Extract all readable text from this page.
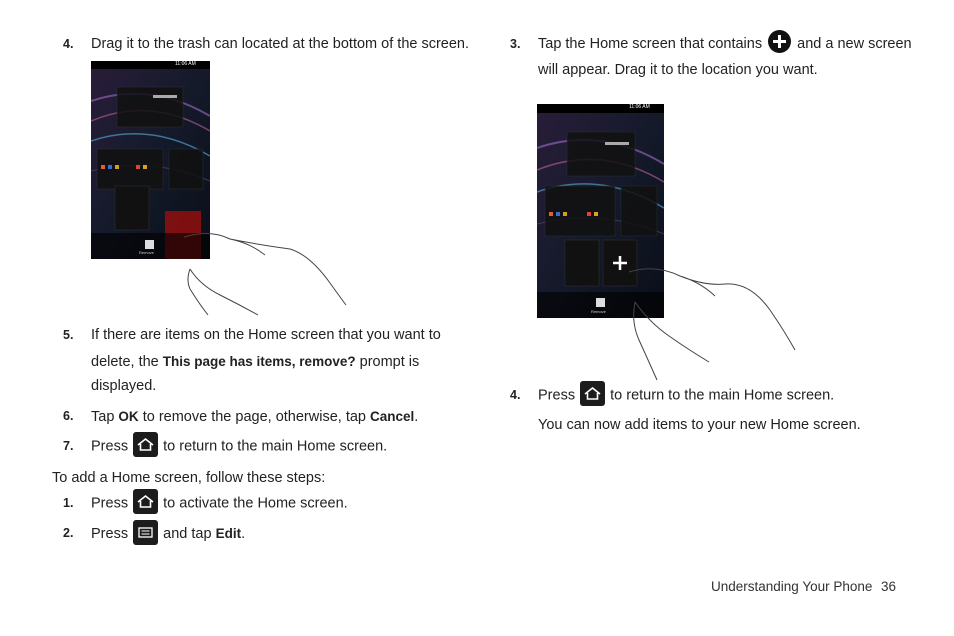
4. Drag it to the trash can located at the bottom of the screen.
11:06 AM
Remove
5. If there are items on the Home screen that you want to
delete, the This page has items, remove? prompt is
displayed.
6. Tap OK to remove the page, otherwise, tap Cancel.
7. Press to return to the main Home screen.
To add a Home screen, follow these steps:
1. Press to activate the Home screen.
2. Press and tap Edit.
3. Tap the Home screen that contains and a new screen
will appear. Drag it to the location you want.
11:06 AM
Remove
4. Press to return to the main Home screen.
You can now add items to your new Home screen.
Understanding Your Phone 36
